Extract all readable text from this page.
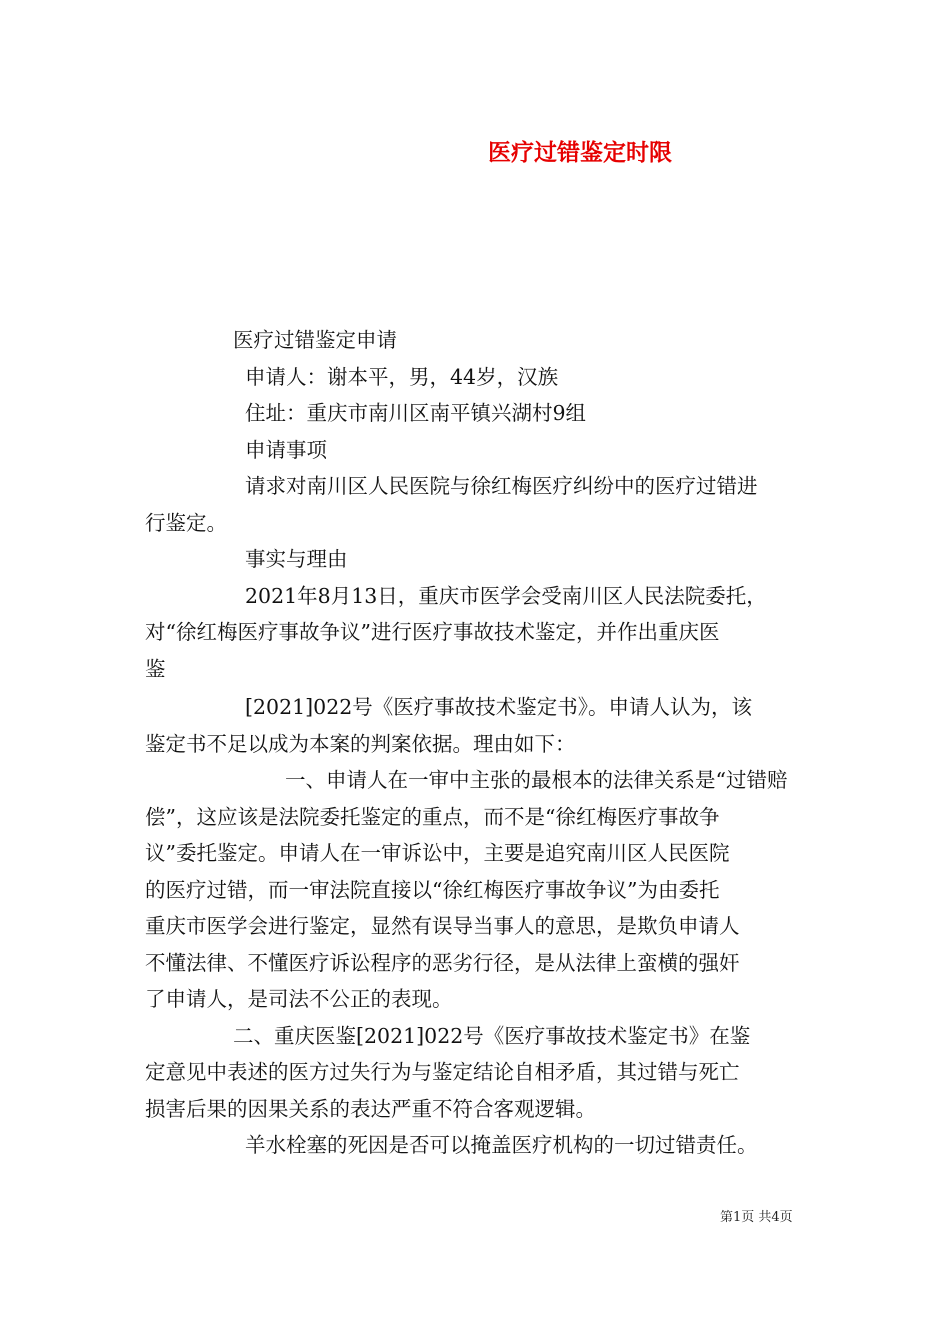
医疗过错鉴定时限
医疗过错鉴定申请
申请人：谢本平，男，44岁，汉族
住址：重庆市南川区南平镇兴湖村9组
申请事项
请求对南川区人民医院与徐红梅医疗纠纷中的医疗过错进
行鉴定。
事实与理由
2021年8月13日，重庆市医学会受南川区人民法院委托，
对“徐红梅医疗事故争议”进行医疗事故技术鉴定，并作出重庆医
鉴
[2021]022号《医疗事故技术鉴定书》。申请人认为，该
鉴定书不足以成为本案的判案依据。理由如下：
一、申请人在一审中主张的最根本的法律关系是“过错赔
偿”，这应该是法院委托鉴定的重点，而不是“徐红梅医疗事故争
议”委托鉴定。申请人在一审诉讼中，主要是追究南川区人民医院
的医疗过错，而一审法院直接以“徐红梅医疗事故争议”为由委托
重庆市医学会进行鉴定，显然有误导当事人的意思，是欺负申请人
不懂法律、不懂医疗诉讼程序的恶劣行径，是从法律上蛮横的强奸
了申请人，是司法不公正的表现。
二、重庆医鉴[2021]022号《医疗事故技术鉴定书》在鉴
定意见中表述的医方过失行为与鉴定结论自相矛盾，其过错与死亡
损害后果的因果关系的表达严重不符合客观逻辑。
羊水栓塞的死因是否可以掩盖医疗机构的一切过错责任。
第1页 共4页
